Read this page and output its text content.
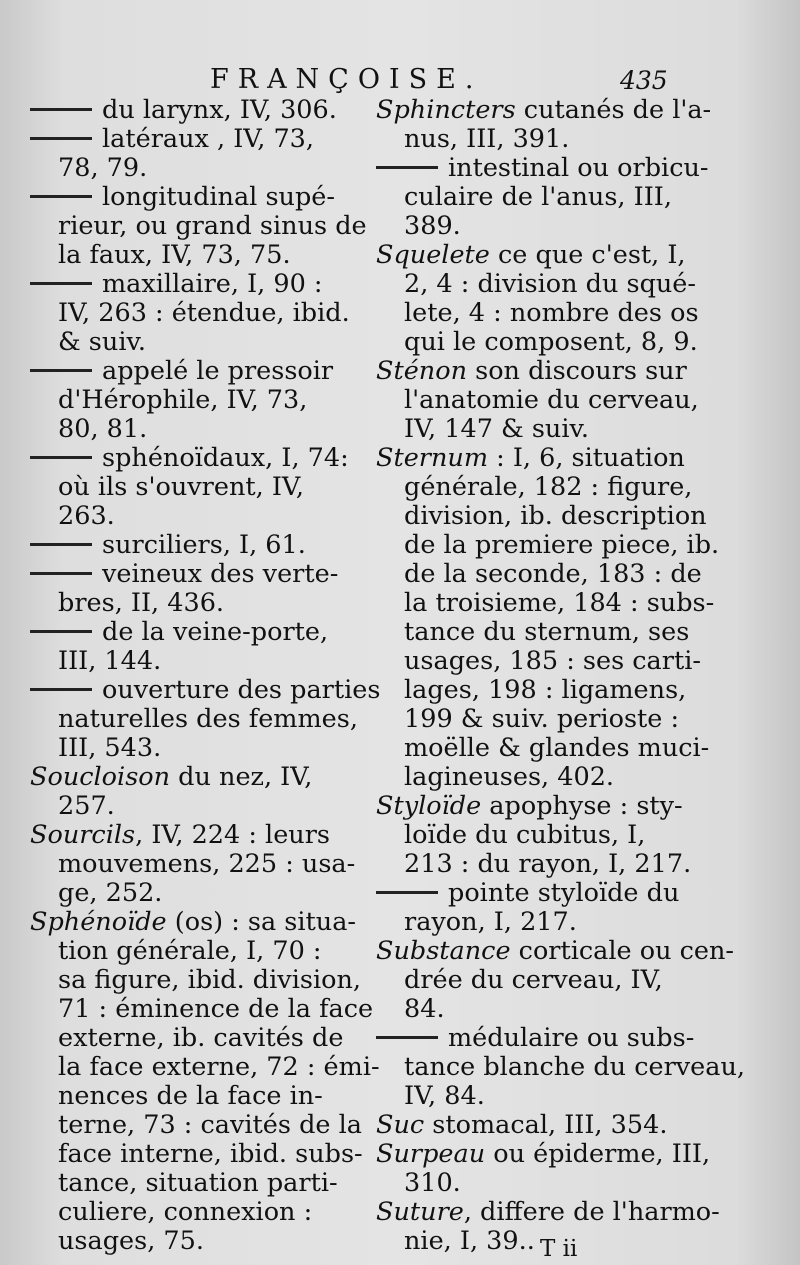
FRANÇOISE.	435
du larynx, IV, 306.
latéraux , IV, 73,
78, 79.
longitudinal supé-
rieur, ou grand sinus de
la faux, IV, 73, 75.
maxillaire, I, 90 :
IV, 263 : étendue, ibid.
& suiv.
appelé le pressoir
d'Hérophile, IV, 73,
80, 81.
sphénoïdaux, I, 74:
où ils s'ouvrent, IV,
263.
surciliers, I, 61.
veineux des verte-
bres, II, 436.
de la veine-porte,
III, 144.
ouverture des parties
naturelles des femmes,
III, 543.
Soucloison du nez, IV,
257.
Sourcils, IV, 224 : leurs
mouvemens, 225 : usa-
ge, 252.
Sphénoïde (os) : sa situa-
tion générale, I, 70 :
sa figure, ibid. division,
71 : éminence de la face
externe, ib. cavités de
la face externe, 72 : émi-
nences de la face in-
terne, 73 : cavités de la
face interne, ibid. subs-
tance, situation parti-
culiere, connexion :
usages, 75.
Sphincters cutanés de l'a-
nus, III, 391.
intestinal ou orbicu-
culaire de l'anus, III,
389.
Squelete ce que c'est, I,
2, 4 : division du squé-
lete, 4 : nombre des os
qui le composent, 8, 9.
Sténon son discours sur
l'anatomie du cerveau,
IV, 147 & suiv.
Sternum : I, 6, situation
générale, 182 : figure,
division, ib. description
de la premiere piece, ib.
de la seconde, 183 : de
la troisieme, 184 : subs-
tance du sternum, ses
usages, 185 : ses carti-
lages, 198 : ligamens,
199 & suiv. perioste :
moëlle & glandes muci-
lagineuses, 402.
Styloïde apophyse : sty-
loïde du cubitus, I,
213 : du rayon, I, 217.
pointe styloïde du
rayon, I, 217.
Substance corticale ou cen-
drée du cerveau, IV,
84.
médulaire ou subs-
tance blanche du cerveau,
IV, 84.
Suc stomacal, III, 354.
Surpeau ou épiderme, III,
310.
Suture, differe de l'harmo-
nie, I, 39.. T ii
